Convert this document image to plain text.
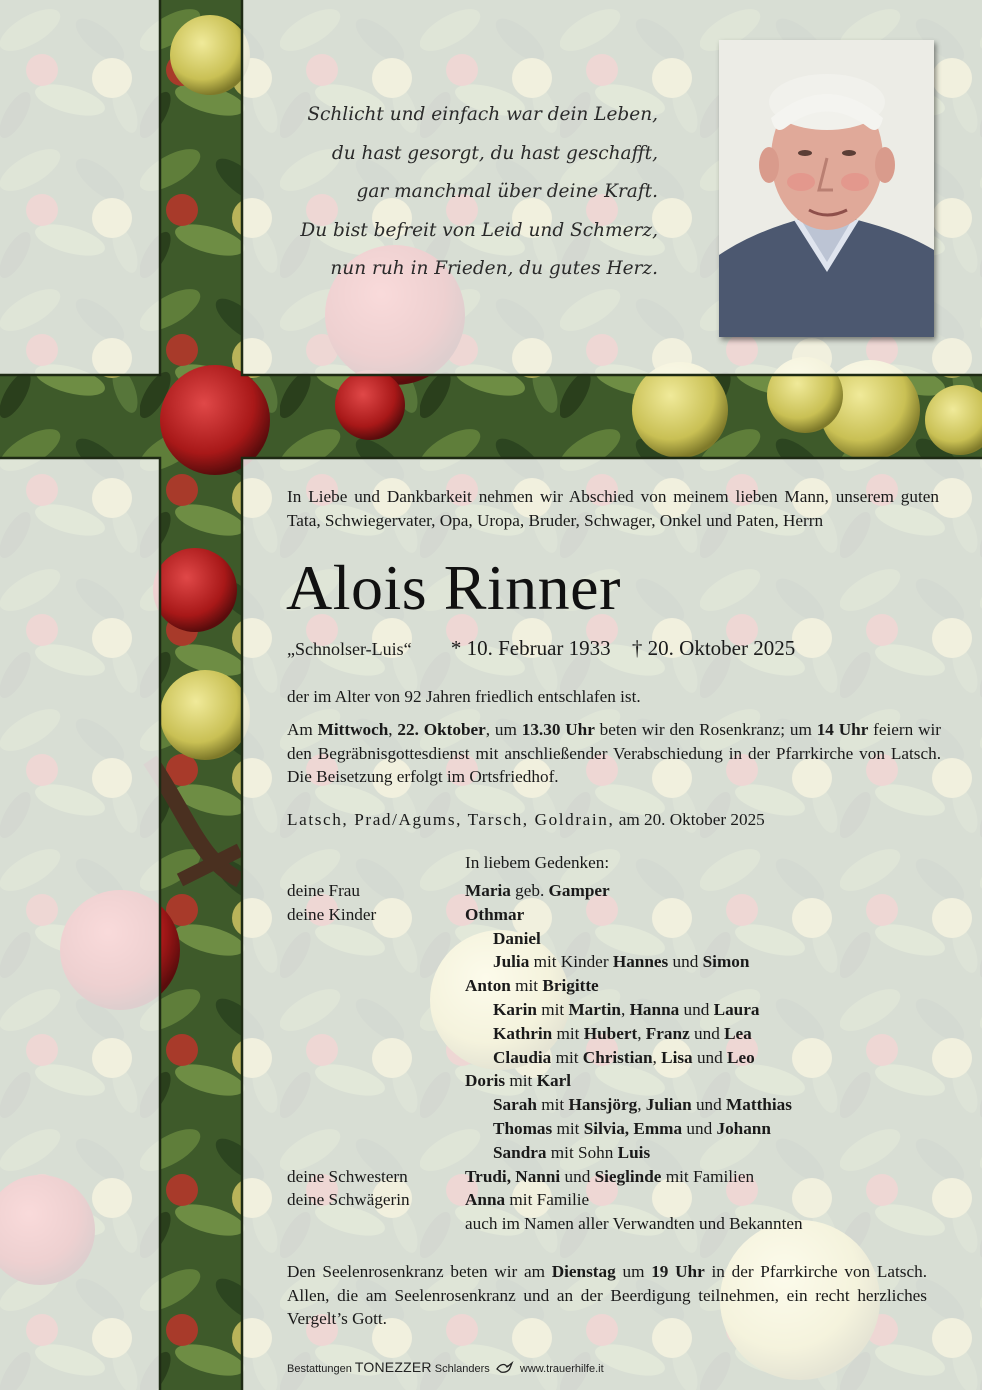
Schlicht und einfach war dein Leben,
du hast gesorgt, du hast geschafft,
gar manchmal über deine Kraft.
Du bist befreit von Leid und Schmerz,
nun ruh in Frieden, du gutes Herz.
In Liebe und Dankbarkeit nehmen wir Abschied von meinem lieben Mann, unserem guten Tata, Schwiegervater, Opa, Uropa, Bruder, Schwager, Onkel und Paten, Herrn
Alois Rinner
„Schnolser-Luis“ * 10. Februar 1933 † 20. Oktober 2025
der im Alter von 92 Jahren friedlich entschlafen ist.
Am Mittwoch, 22. Oktober, um 13.30 Uhr beten wir den Rosenkranz; um 14 Uhr feiern wir den Begräbnisgottesdienst mit anschließender Verabschiedung in der Pfarrkirche von Latsch. Die Beisetzung erfolgt im Ortsfriedhof.
Latsch, Prad/Agums, Tarsch, Goldrain, am 20. Oktober 2025
In liebem Gedenken:
deine Frau	Maria geb. Gamper
deine Kinder	Othmar
Daniel
Julia mit Kinder Hannes und Simon
Anton mit Brigitte
Karin mit Martin, Hanna und Laura
Kathrin mit Hubert, Franz und Lea
Claudia mit Christian, Lisa und Leo
Doris mit Karl
Sarah mit Hansjörg, Julian und Matthias
Thomas mit Silvia, Emma und Johann
Sandra mit Sohn Luis
deine Schwestern	Trudi, Nanni und Sieglinde mit Familien
deine Schwägerin	Anna mit Familie
auch im Namen aller Verwandten und Bekannten
Den Seelenrosenkranz beten wir am Dienstag um 19 Uhr in der Pfarrkirche von Latsch. Allen, die am Seelenrosenkranz und an der Beerdigung teilnehmen, ein recht herzliches Vergelt’s Gott.
Bestattungen TONEZZER Schlanders  www.trauerhilfe.it
